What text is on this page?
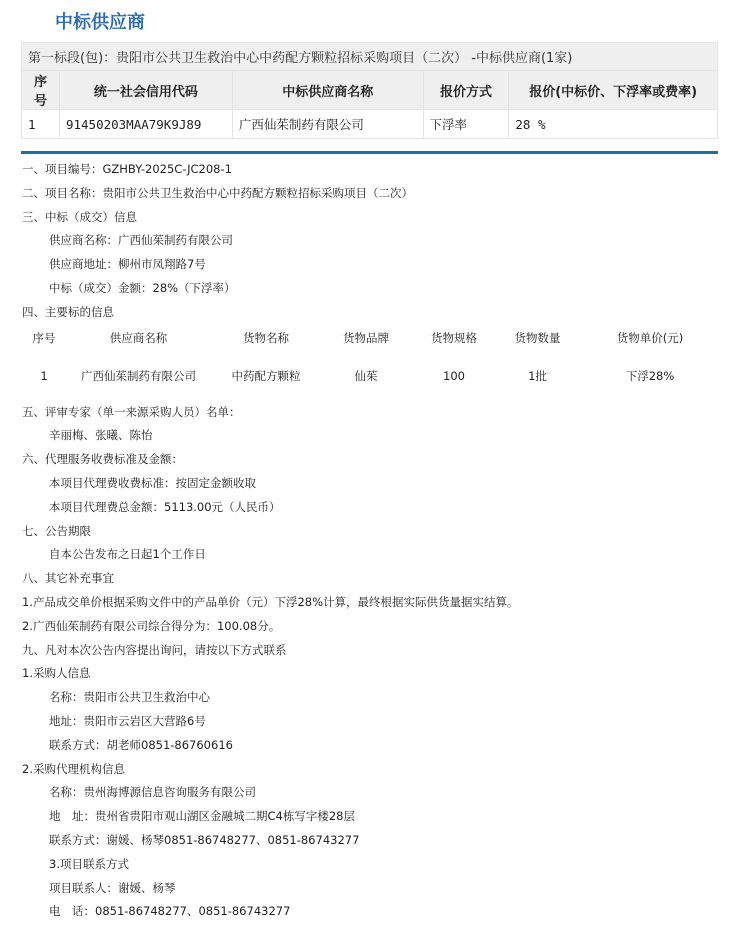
中标供应商
第一标段(包)：贵阳市公共卫生救治中心中药配方颗粒招标采购项目（二次） -中标供应商(1家)				
序号	统一社会信用代码	中标供应商名称	报价方式	报价(中标价、下浮率或费率)
1	91450203MAA79K9J89	广西仙茱制药有限公司	下浮率	28 %
一、项目编号：GZHBY-2025C-JC208-1
二、项目名称：贵阳市公共卫生救治中心中药配方颗粒招标采购项目（二次）
三、中标（成交）信息
供应商名称：广西仙茱制药有限公司
供应商地址：柳州市凤翔路7号
中标（成交）金额：28%（下浮率）
四、主要标的信息
序号	供应商名称	货物名称	货物品牌	货物规格	货物数量	货物单价(元)
1	广西仙茱制药有限公司	中药配方颗粒	仙茱	100	1批	下浮28%
五、评审专家（单一来源采购人员）名单：
辛丽梅、张曦、陈怡
六、代理服务收费标准及金额：
本项目代理费收费标准：按固定金额收取
本项目代理费总金额：5113.00元（人民币）
七、公告期限
自本公告发布之日起1个工作日
八、其它补充事宜
1.产品成交单价根据采购文件中的产品单价（元）下浮28%计算，最终根据实际供货量据实结算。
2.广西仙茱制药有限公司综合得分为：100.08分。
九、凡对本次公告内容提出询问，请按以下方式联系
1.采购人信息
名称：贵阳市公共卫生救治中心
地址：贵阳市云岩区大营路6号
联系方式：胡老师0851-86760616
2.采购代理机构信息
名称：贵州海博源信息咨询服务有限公司
地　址：贵州省贵阳市观山湖区金融城二期C4栋写字楼28层
联系方式：谢媛、杨琴0851-86748277、0851-86743277
3.项目联系方式
项目联系人：谢媛、杨琴
电　话：0851-86748277、0851-86743277
